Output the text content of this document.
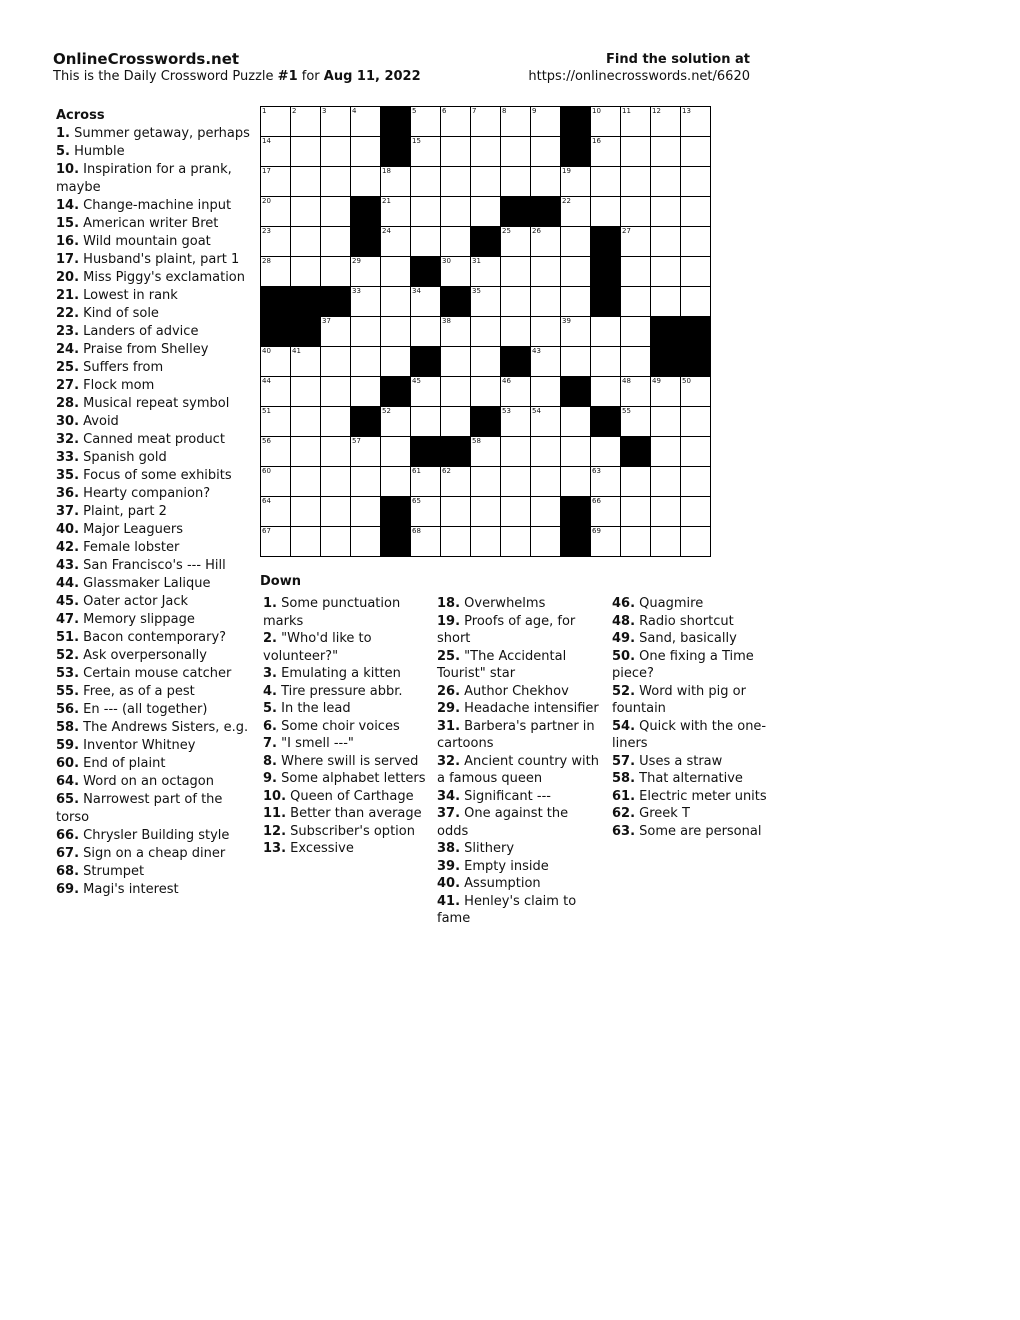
OnlineCrosswords.net
This is the Daily Crossword Puzzle #1 for Aug 11, 2022
Find the solution at
https://onlinecrosswords.net/6620
Across
1. Summer getaway, perhaps
5. Humble
10. Inspiration for a prank, maybe
14. Change-machine input
15. American writer Bret
16. Wild mountain goat
17. Husband's plaint, part 1
20. Miss Piggy's exclamation
21. Lowest in rank
22. Kind of sole
23. Landers of advice
24. Praise from Shelley
25. Suffers from
27. Flock mom
28. Musical repeat symbol
30. Avoid
32. Canned meat product
33. Spanish gold
35. Focus of some exhibits
36. Hearty companion?
37. Plaint, part 2
40. Major Leaguers
42. Female lobster
43. San Francisco's --- Hill
44. Glassmaker Lalique
45. Oater actor Jack
47. Memory slippage
51. Bacon contemporary?
52. Ask overpersonally
53. Certain mouse catcher
55. Free, as of a pest
56. En --- (all together)
58. The Andrews Sisters, e.g.
59. Inventor Whitney
60. End of plaint
64. Word on an octagon
65. Narrowest part of the torso
66. Chrysler Building style
67. Sign on a cheap diner
68. Strumpet
69. Magi's interest
1	2	3	4	5	6	7	8	9	10	11	12	13
14	15	16
17	18	19
20	21	22
23	24	25	26	27
28	29	30	31
33	34	35
37	38	39
40	41	43
44	45	46	48	49	50
51	52	53	54	55
56	57	58
60	61	62	63
64	65	66
67	68	69
Down
1. Some punctuation marks
2. "Who'd like to volunteer?"
3. Emulating a kitten
4. Tire pressure abbr.
5. In the lead
6. Some choir voices
7. "I smell ---"
8. Where swill is served
9. Some alphabet letters
10. Queen of Carthage
11. Better than average
12. Subscriber's option
13. Excessive
18. Overwhelms
19. Proofs of age, for short
25. "The Accidental Tourist" star
26. Author Chekhov
29. Headache intensifier
31. Barbera's partner in cartoons
32. Ancient country with a famous queen
34. Significant ---
37. One against the odds
38. Slithery
39. Empty inside
40. Assumption
41. Henley's claim to fame
46. Quagmire
48. Radio shortcut
49. Sand, basically
50. One fixing a Time piece?
52. Word with pig or fountain
54. Quick with the one-liners
57. Uses a straw
58. That alternative
61. Electric meter units
62. Greek T
63. Some are personal
